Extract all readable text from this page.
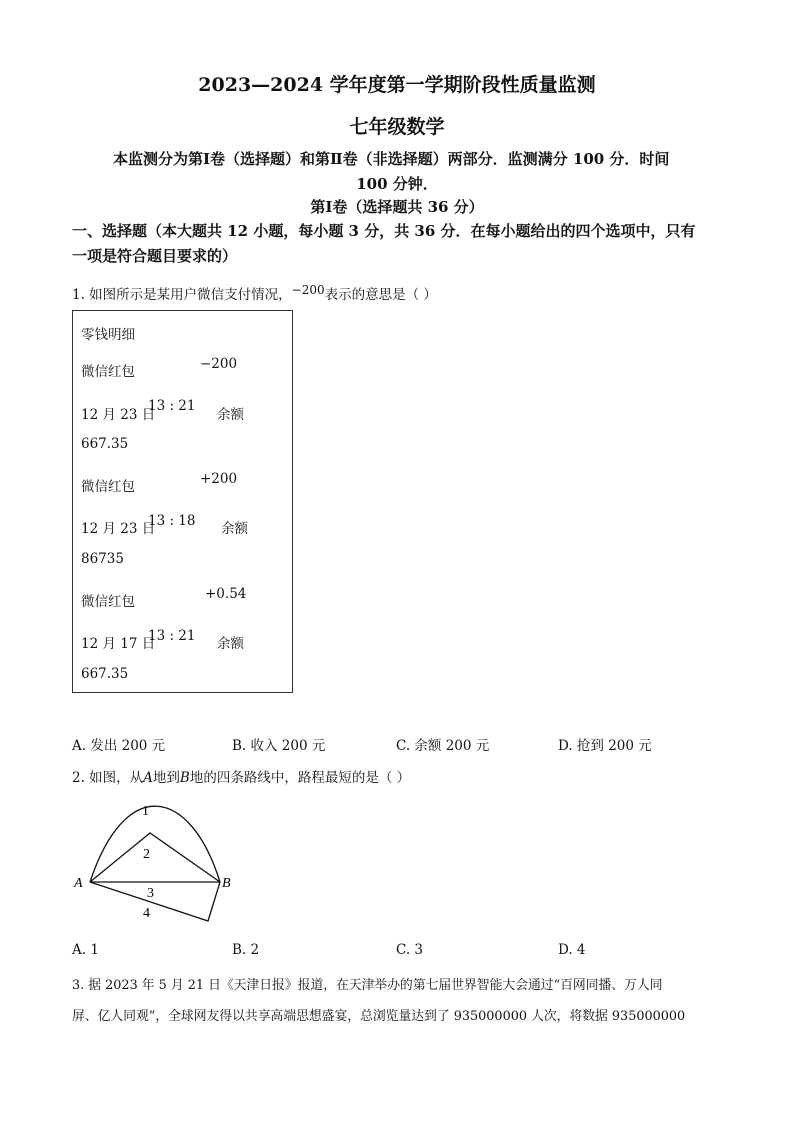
2023—2024 学年度第一学期阶段性质量监测
七年级数学
本监测分为第Ⅰ卷（选择题）和第Ⅱ卷（非选择题）两部分．监测满分 100 分．时间
100 分钟．
第Ⅰ卷（选择题共 36 分）
一、选择题（本大题共 12 小题，每小题 3 分，共 36 分．在每小题给出的四个选项中，只有
一项是符合题目要求的）
1. 如图所示是某用户微信支付情况，−200表示的意思是（ ）
零钱明细
微信红包	−200
12 月 23 日
13 : 21
余额
667.35
微信红包	+200
12 月 23 日
13 : 18 余额
86735
微信红包	+0.54
12 月 17 日
13 : 21 余额
667.35
A. 发出 200 元	B. 收入 200 元	C. 余额 200 元	D. 抢到 200 元
2. 如图，从A地到B地的四条路线中，路程最短的是（ ）
A	B
1
2
3
4
A. 1	B. 2	C. 3	D. 4
3. 据 2023 年 5 月 21 日《天津日报》报道，在天津举办的第七届世界智能大会通过“百网同播、万人同
屏、亿人同观”，全球网友得以共享高端思想盛宴，总浏览量达到了 935000000 人次，将数据 935000000
